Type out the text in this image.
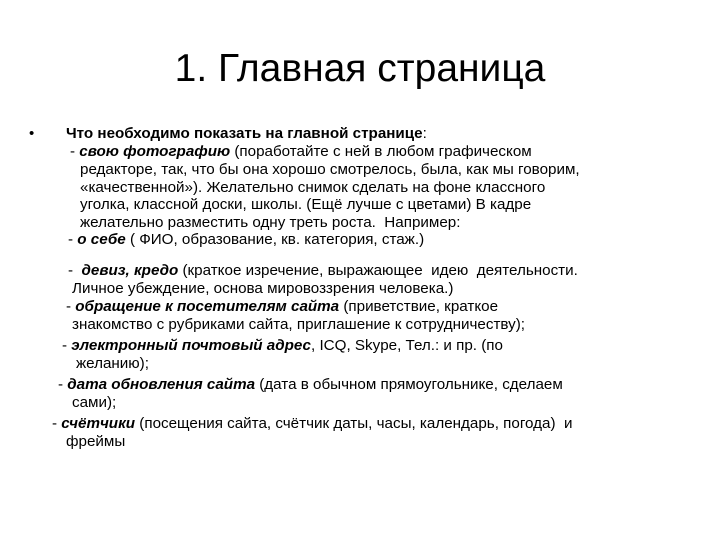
1. Главная страница
• Что необходимо показать на главной странице:
- свою фотографию (поработайте с ней в любом графическом
редакторе, так, что бы она хорошо смотрелось, была, как мы говорим,
«качественной»). Желательно снимок сделать на фоне классного
уголка, классной доски, школы. (Ещё лучше с цветами) В кадре
желательно разместить одну треть роста.  Например:
- о себе ( ФИО, образование, кв. категория, стаж.)
-  девиз, кредо (краткое изречение, выражающее  идею  деятельности.
Личное убеждение, основа мировоззрения человека.)
- обращение к посетителям сайта (приветствие, краткое
знакомство с рубриками сайта, приглашение к сотрудничеству);
- электронный почтовый адрес, ICQ, Skype, Тел.: и пр. (по
желанию);
- дата обновления сайта (дата в обычном прямоугольнике, сделаем
сами);
- счётчики (посещения сайта, счётчик даты, часы, календарь, погода)  и
фреймы
